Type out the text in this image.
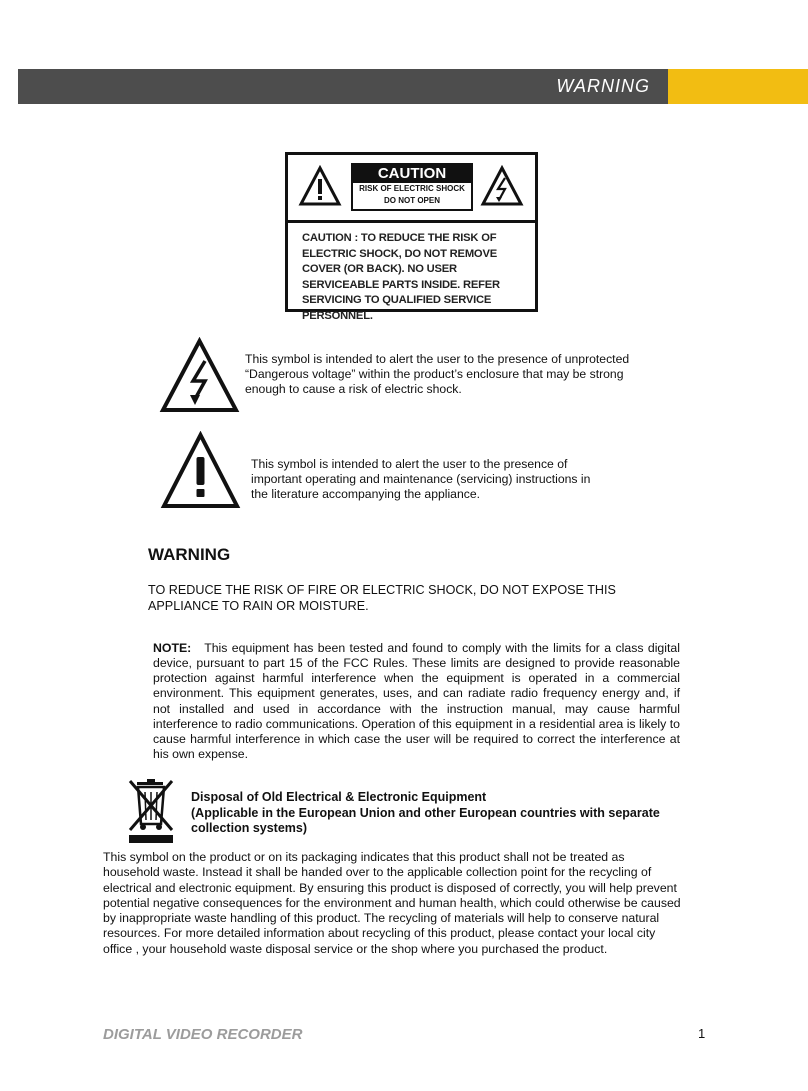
WARNING
CAUTION
RISK OF ELECTRIC SHOCK
DO NOT OPEN
CAUTION : TO REDUCE THE RISK OF ELECTRIC SHOCK, DO NOT REMOVE COVER (OR BACK). NO USER SERVICEABLE PARTS INSIDE. REFER SERVICING TO QUALIFIED SERVICE PERSONNEL.
This symbol is intended to alert the user to the presence of unprotected “Dangerous voltage” within the product’s enclosure that may be strong enough to cause a risk of electric shock.
This symbol is intended to alert the user to the presence of important operating and maintenance (servicing) instructions in the literature accompanying the appliance.
WARNING
TO REDUCE THE RISK OF FIRE OR ELECTRIC SHOCK, DO NOT EXPOSE THIS APPLIANCE TO RAIN OR MOISTURE.
NOTE: This equipment has been tested and found to comply with the limits for a class digital device, pursuant to part 15 of the FCC Rules. These limits are designed to provide reasonable protection against harmful interference when the equipment is operated in a commercial environment. This equipment generates, uses, and can radiate radio frequency energy and, if not installed and used in accordance with the instruction manual, may cause harmful interference to radio communications. Operation of this equipment in a residential area is likely to cause harmful interference in which case the user will be required to correct the interference at his own expense.
Disposal of Old Electrical & Electronic Equipment
(Applicable in the European Union and other European countries with separate collection systems)
This symbol on the product or on its packaging indicates that this product shall not be treated as household waste. Instead it shall be handed over to the applicable collection point for the recycling of electrical and electronic equipment. By ensuring this product is disposed of correctly, you will help prevent potential negative consequences for the environment and human health, which could otherwise be caused by inappropriate waste handling of this product. The recycling of materials will help to conserve natural resources. For more detailed information about recycling of this product, please contact your local city office , your household waste disposal service or the shop where you purchased the product.
DIGITAL VIDEO RECORDER	1
